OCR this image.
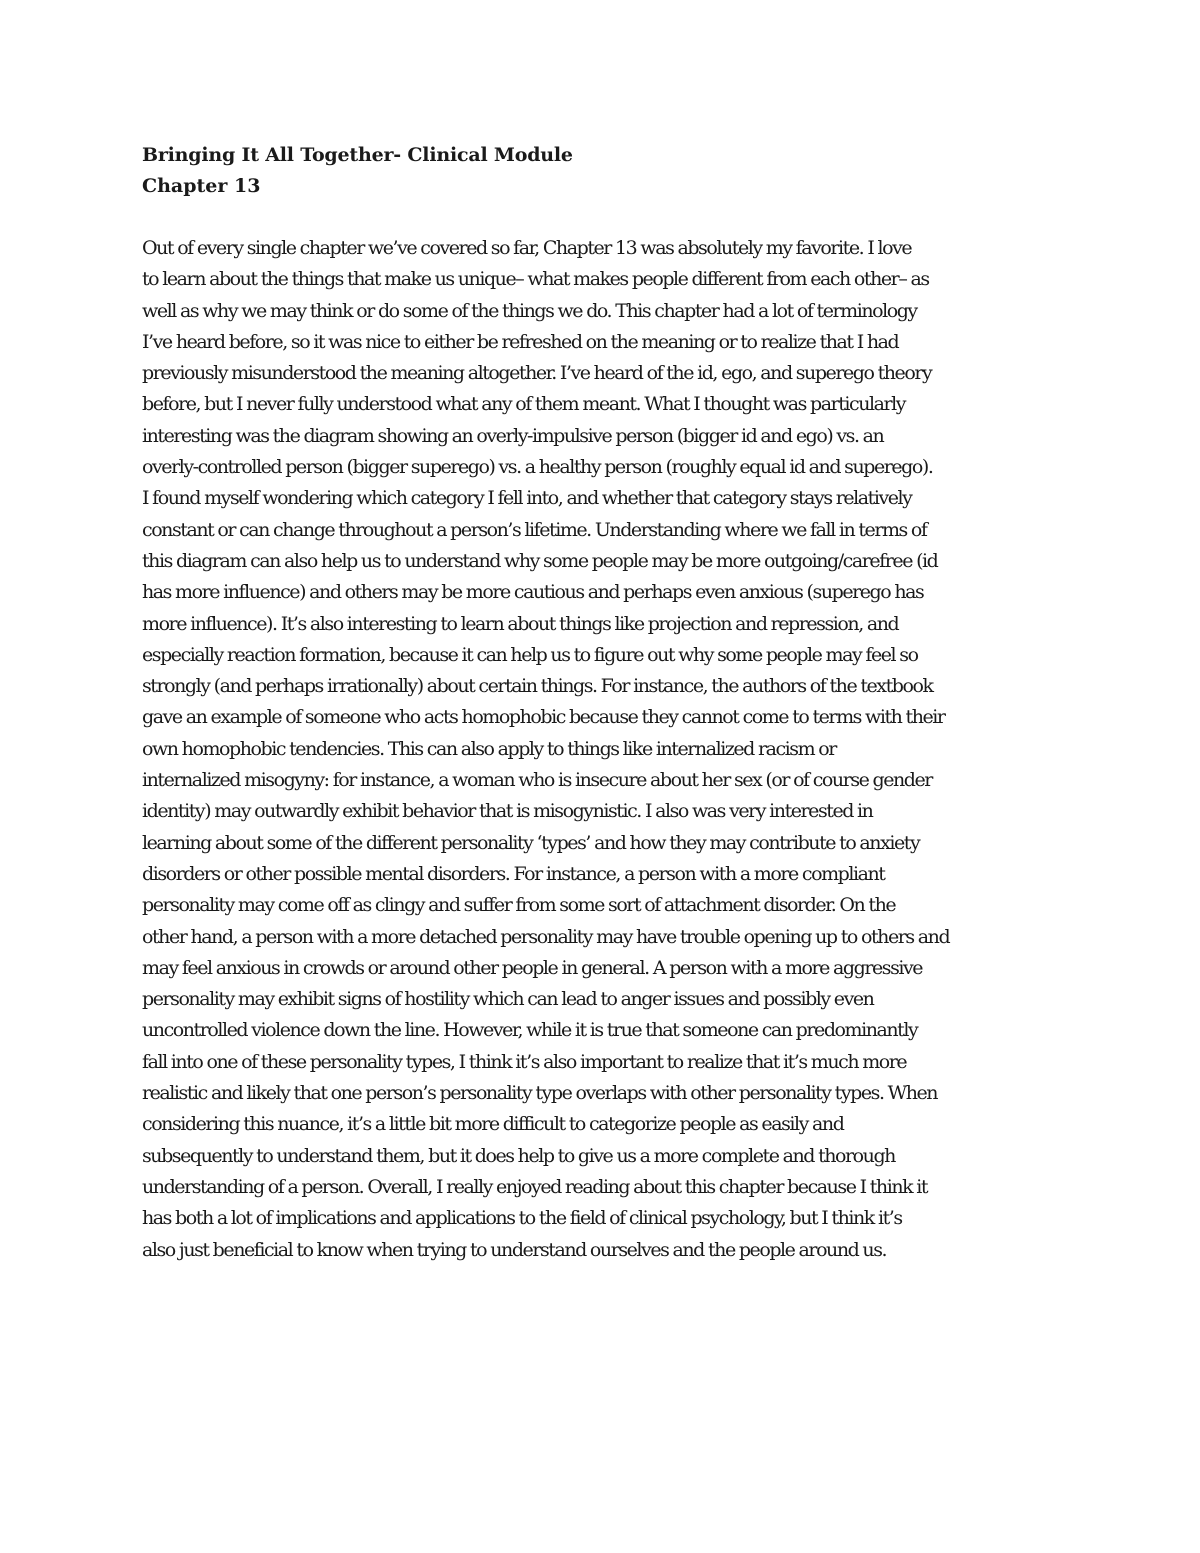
Bringing It All Together- Clinical Module
Chapter 13

Out of every single chapter we’ve covered so far, Chapter 13 was absolutely my favorite. I love
to learn about the things that make us unique– what makes people different from each other– as
well as why we may think or do some of the things we do. This chapter had a lot of terminology
I’ve heard before, so it was nice to either be refreshed on the meaning or to realize that I had
previously misunderstood the meaning altogether. I’ve heard of the id, ego, and superego theory
before, but I never fully understood what any of them meant. What I thought was particularly
interesting was the diagram showing an overly-impulsive person (bigger id and ego) vs. an
overly-controlled person (bigger superego) vs. a healthy person (roughly equal id and superego).
I found myself wondering which category I fell into, and whether that category stays relatively
constant or can change throughout a person’s lifetime. Understanding where we fall in terms of
this diagram can also help us to understand why some people may be more outgoing/carefree (id
has more influence) and others may be more cautious and perhaps even anxious (superego has
more influence). It’s also interesting to learn about things like projection and repression, and
especially reaction formation, because it can help us to figure out why some people may feel so
strongly (and perhaps irrationally) about certain things. For instance, the authors of the textbook
gave an example of someone who acts homophobic because they cannot come to terms with their
own homophobic tendencies. This can also apply to things like internalized racism or
internalized misogyny: for instance, a woman who is insecure about her sex (or of course gender
identity) may outwardly exhibit behavior that is misogynistic. I also was very interested in
learning about some of the different personality ‘types’ and how they may contribute to anxiety
disorders or other possible mental disorders. For instance, a person with a more compliant
personality may come off as clingy and suffer from some sort of attachment disorder. On the
other hand, a person with a more detached personality may have trouble opening up to others and
may feel anxious in crowds or around other people in general. A person with a more aggressive
personality may exhibit signs of hostility which can lead to anger issues and possibly even
uncontrolled violence down the line. However, while it is true that someone can predominantly
fall into one of these personality types, I think it’s also important to realize that it’s much more
realistic and likely that one person’s personality type overlaps with other personality types. When
considering this nuance, it’s a little bit more difficult to categorize people as easily and
subsequently to understand them, but it does help to give us a more complete and thorough
understanding of a person. Overall, I really enjoyed reading about this chapter because I think it
has both a lot of implications and applications to the field of clinical psychology, but I think it’s
also just beneficial to know when trying to understand ourselves and the people around us.
